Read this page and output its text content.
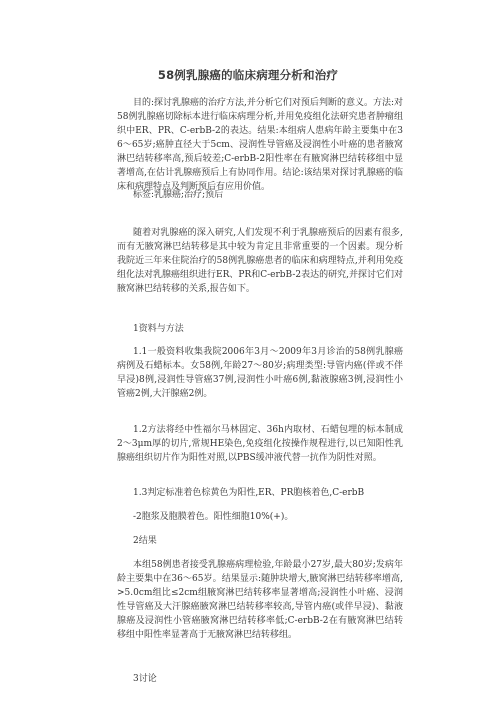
58例乳腺癌的临床病理分析和治疗

目的:探讨乳腺癌的治疗方法,并分析它们对预后判断的意义。方法:对58例乳腺癌切除标本进行临床病理分析,并用免疫组化法研究患者肿瘤组织中ER、PR、C-erbB-2的表达。结果:本组病人患病年龄主要集中在36～65岁;癌肿直径大于5cm、浸润性导管癌及浸润性小叶癌的患者腋窝淋巴结转移率高,预后较差;C-erbB-2阳性率在有腋窝淋巴结转移组中显著增高,在估计乳腺癌预后上有协同作用。结论:该结果对探讨乳腺癌的临床和病理特点及判断预后有应用价值。

标签:乳腺癌;治疗;预后

随着对乳腺癌的深入研究,人们发现不利于乳腺癌预后的因素有很多,而有无腋窝淋巴结转移是其中较为肯定且非常重要的一个因素。现分析我院近三年来住院治疗的58例乳腺癌患者的临床和病理特点,并利用免疫组化法对乳腺癌组织进行ER、PR和C-erbB-2表达的研究,并探讨它们对腋窝淋巴结转移的关系,报告如下。

1资料与方法

1.1一般资料收集我院2006年3月～2009年3月诊治的58例乳腺癌病例及石蜡标本。女58例,年龄27～80岁;病理类型:导管内癌(伴或不伴早浸)8例,浸润性导管癌37例,浸润性小叶癌6例,黏液腺癌3例,浸润性小管癌2例,大汗腺癌2例。

1.2方法将经中性福尔马林固定、36h内取材、石蜡包埋的标本制成2～3μm厚的切片,常规HE染色,免疫组化按操作规程进行,以已知阳性乳腺癌组织切片作为阳性对照,以PBS缓冲液代替一抗作为阴性对照。

1.3判定标准着色棕黄色为阳性,ER、PR胞核着色,C-erbB

-2胞浆及胞膜着色。阳性细胞10%(+)。

2结果

本组58例患者接受乳腺癌病理检验,年龄最小27岁,最大80岁;发病年龄主要集中在36～65岁。结果显示:随肿块增大,腋窝淋巴结转移率增高,>5.0cm组比≤2cm组腋窝淋巴结转移率显著增高;浸润性小叶癌、浸润性导管癌及大汗腺癌腋窝淋巴结转移率较高,导管内癌(或伴早浸)、黏液腺癌及浸润性小管癌腋窝淋巴结转移率低;C-erbB-2在有腋窝淋巴结转移组中阳性率显著高于无腋窝淋巴结转移组。

3讨论
